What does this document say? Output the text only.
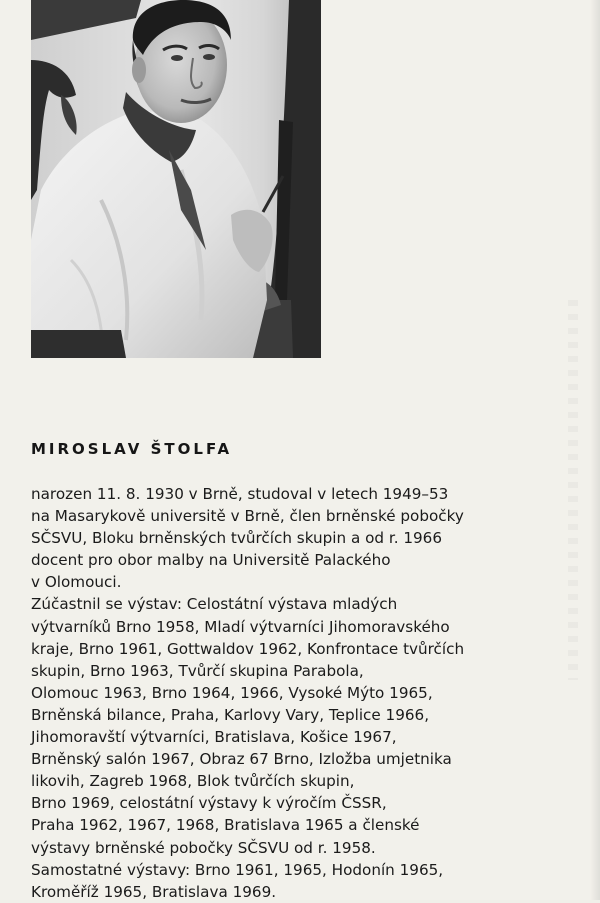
MIROSLAV ŠTOLFA
narozen 11. 8. 1930 v Brně, studoval v letech 1949–53
na Masarykově universitě v Brně, člen brněnské pobočky
SČSVU, Bloku brněnských tvůrčích skupin a od r. 1966
docent pro obor malby na Universitě Palackého
v Olomouci.
Zúčastnil se výstav: Celostátní výstava mladých
výtvarníků Brno 1958, Mladí výtvarníci Jihomoravského
kraje, Brno 1961, Gottwaldov 1962, Konfrontace tvůrčích
skupin, Brno 1963, Tvůrčí skupina Parabola,
Olomouc 1963, Brno 1964, 1966, Vysoké Mýto 1965,
Brněnská bilance, Praha, Karlovy Vary, Teplice 1966,
Jihomoravští výtvarníci, Bratislava, Košice 1967,
Brněnský salón 1967, Obraz 67 Brno, Izložba umjetnika
likovih, Zagreb 1968, Blok tvůrčích skupin,
Brno 1969, celostátní výstavy k výročím ČSSR,
Praha 1962, 1967, 1968, Bratislava 1965 a členské
výstavy brněnské pobočky SČSVU od r. 1958.
Samostatné výstavy: Brno 1961, 1965, Hodonín 1965,
Kroměříž 1965, Bratislava 1969.
